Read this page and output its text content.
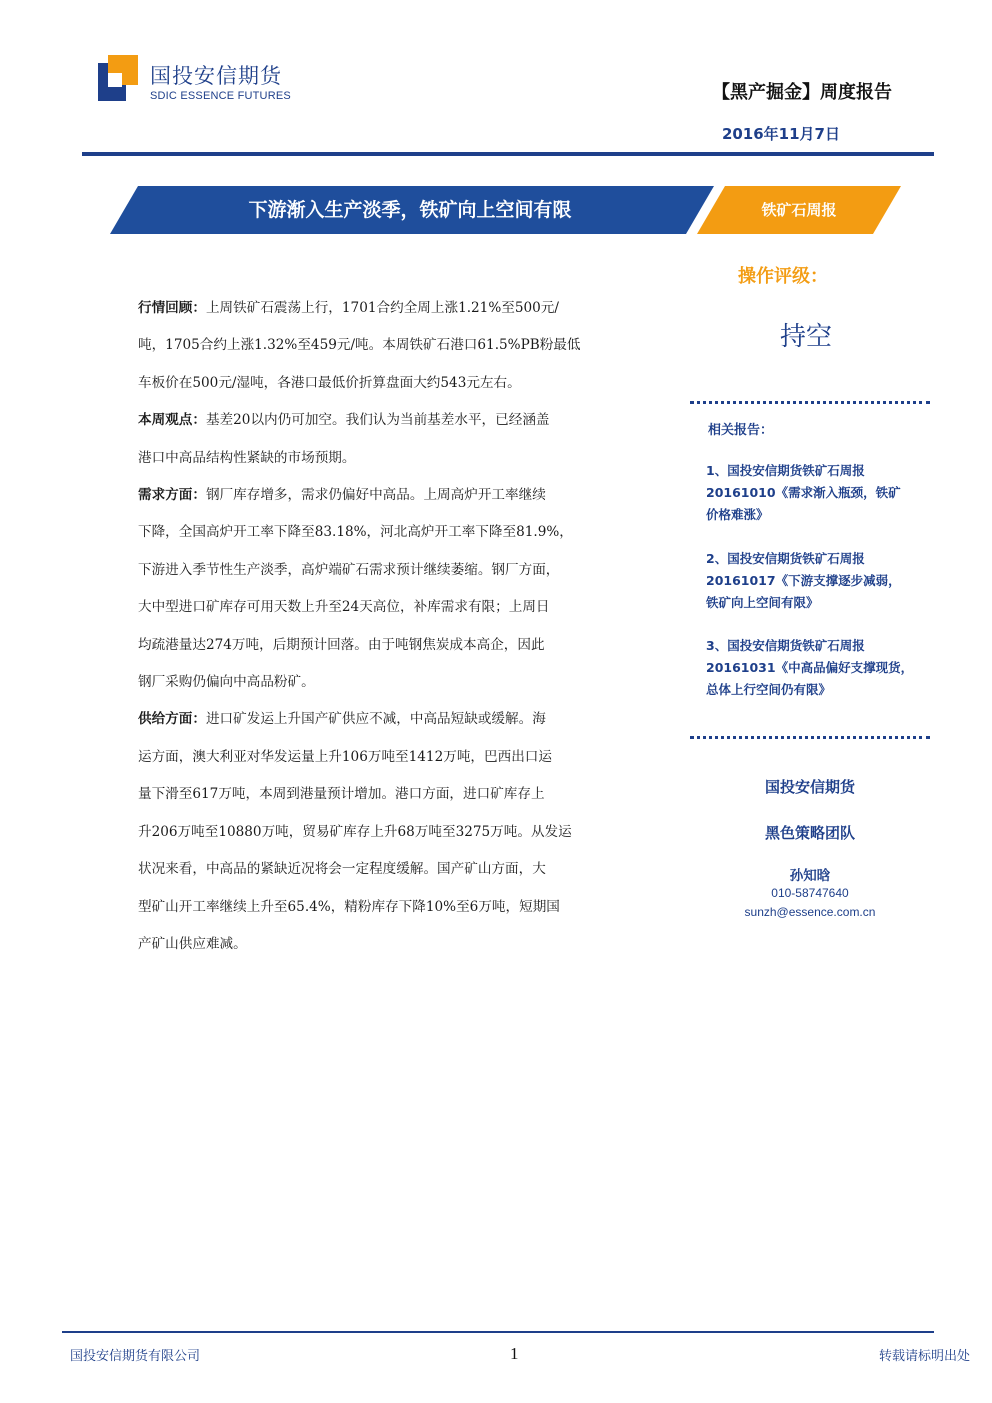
国投安信期货
SDIC ESSENCE FUTURES	【黑产掘金】周度报告
2016年11月7日
下游渐入生产淡季，铁矿向上空间有限	铁矿石周报

行情回顾：上周铁矿石震荡上行，1701合约全周上涨1.21%至500元/
吨，1705合约上涨1.32%至459元/吨。本周铁矿石港口61.5%PB粉最低
车板价在500元/湿吨，各港口最低价折算盘面大约543元左右。

本周观点：基差20以内仍可加空。我们认为当前基差水平，已经涵盖
港口中高品结构性紧缺的市场预期。

需求方面：钢厂库存增多，需求仍偏好中高品。上周高炉开工率继续
下降，全国高炉开工率下降至83.18%，河北高炉开工率下降至81.9%，
下游进入季节性生产淡季，高炉端矿石需求预计继续萎缩。钢厂方面，
大中型进口矿库存可用天数上升至24天高位，补库需求有限；上周日
均疏港量达274万吨，后期预计回落。由于吨钢焦炭成本高企，因此
钢厂采购仍偏向中高品粉矿。

供给方面：进口矿发运上升国产矿供应不减，中高品短缺或缓解。海
运方面，澳大利亚对华发运量上升106万吨至1412万吨，巴西出口运
量下滑至617万吨，本周到港量预计增加。港口方面，进口矿库存上
升206万吨至10880万吨，贸易矿库存上升68万吨至3275万吨。从发运
状况来看，中高品的紧缺近况将会一定程度缓解。国产矿山方面，大
型矿山开工率继续上升至65.4%，精粉库存下降10%至6万吨，短期国
产矿山供应难减。

操作评级：
持空
相关报告：
1、国投安信期货铁矿石周报
20161010《需求渐入瓶颈，铁矿
价格难涨》
2、国投安信期货铁矿石周报
20161017《下游支撑逐步减弱，
铁矿向上空间有限》
3、国投安信期货铁矿石周报
20161031《中高品偏好支撑现货，
总体上行空间仍有限》
国投安信期货
黑色策略团队
孙知晗
010-58747640
sunzh@essence.com.cn
国投安信期货有限公司	1	转载请标明出处
